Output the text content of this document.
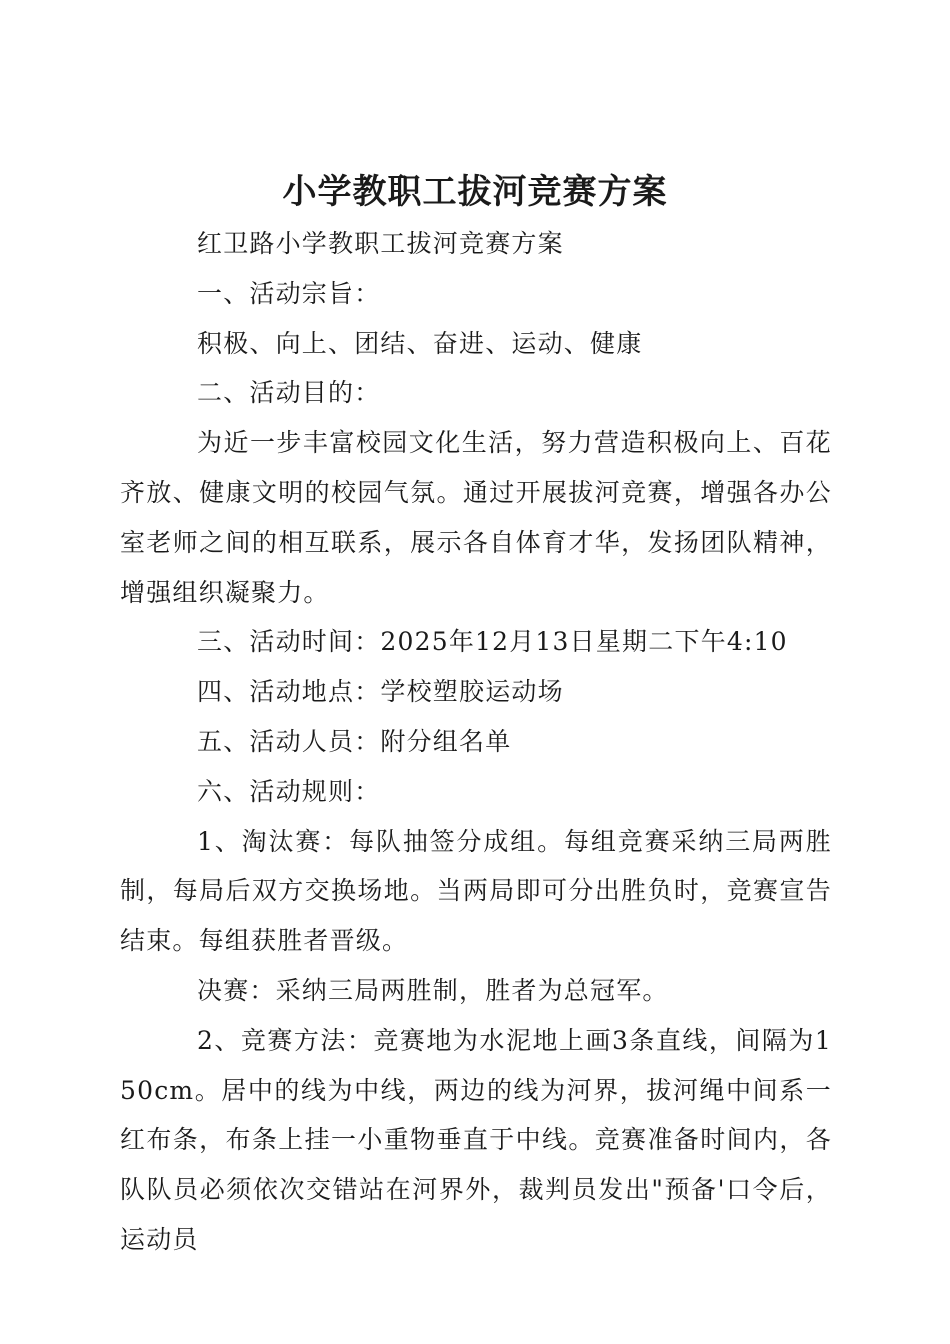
小学教职工拔河竞赛方案

红卫路小学教职工拔河竞赛方案

一、活动宗旨：

积极、向上、团结、奋进、运动、健康

二、活动目的：

为近一步丰富校园文化生活，努力营造积极向上、百花齐放、健康文明的校园气氛。通过开展拔河竞赛，增强各办公室老师之间的相互联系，展示各自体育才华，发扬团队精神，增强组织凝聚力。

三、活动时间：2025年12月13日星期二下午4:10

四、活动地点：学校塑胶运动场

五、活动人员：附分组名单

六、活动规则：

1、淘汰赛：每队抽签分成组。每组竞赛采纳三局两胜制，每局后双方交换场地。当两局即可分出胜负时，竞赛宣告结束。每组获胜者晋级。

决赛：采纳三局两胜制，胜者为总冠军。

2、竞赛方法：竞赛地为水泥地上画3条直线，间隔为150cm。居中的线为中线，两边的线为河界，拔河绳中间系一红布条，布条上挂一小重物垂直于中线。竞赛准备时间内，各队队员必须依次交错站在河界外，裁判员发出"预备'口令后，运动员
